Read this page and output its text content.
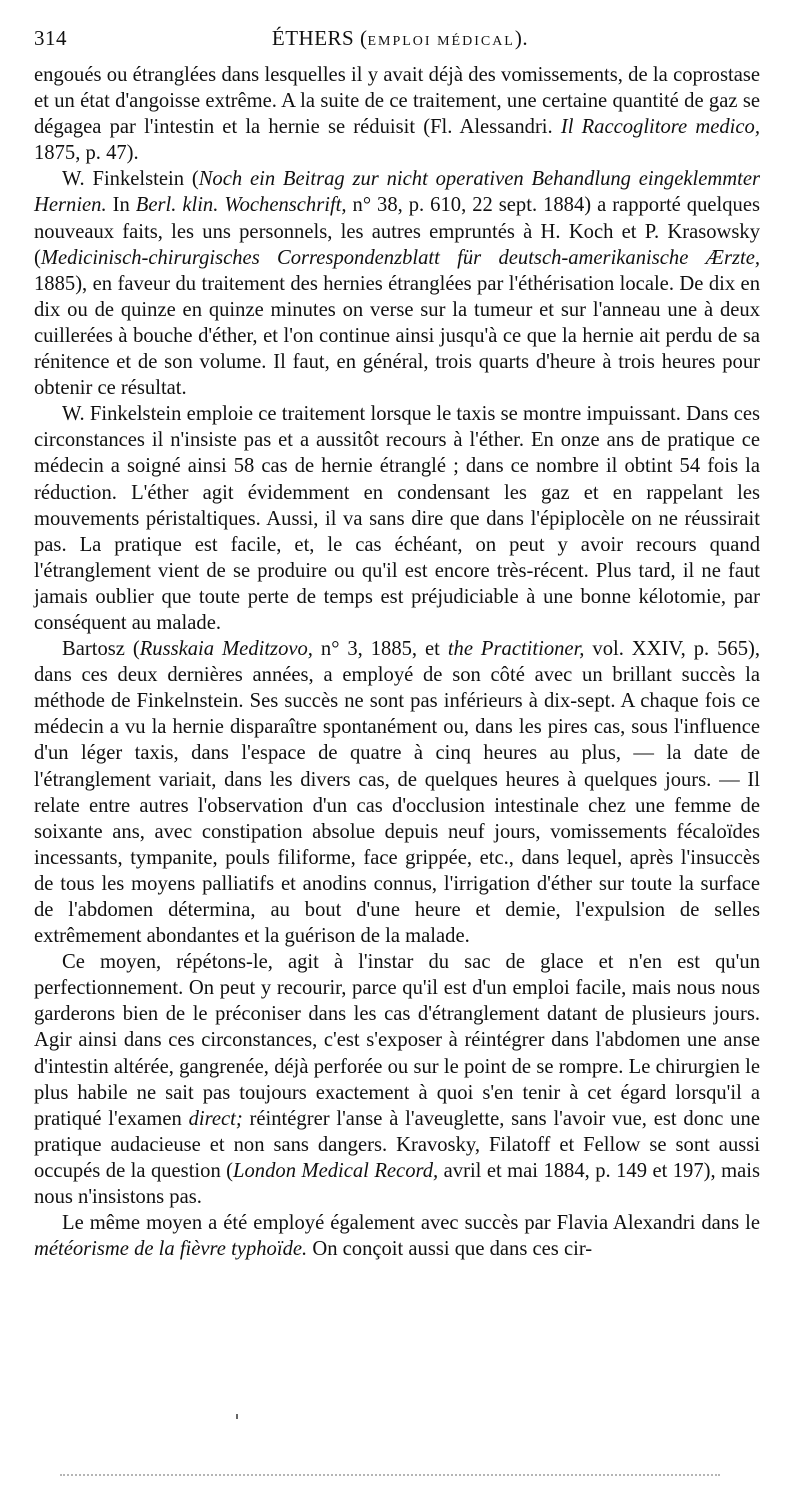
314	ÉTHERS (EMPLOI MÉDICAL).

engoués ou étranglées dans lesquelles il y avait déjà des vomissements, de la coprostase et un état d'angoisse extrême. A la suite de ce traitement, une certaine quantité de gaz se dégagea par l'intestin et la hernie se réduisit (Fl. Alessandri. Il Raccoglitore medico, 1875, p. 47).

W. Finkelstein (Noch ein Beitrag zur nicht operativen Behandlung eingeklemmter Hernien. In Berl. klin. Wochenschrift, n° 38, p. 610, 22 sept. 1884) a rapporté quelques nouveaux faits, les uns personnels, les autres empruntés à H. Koch et P. Krasowsky (Medicinisch-chirurgisches Correspondenzblatt für deutsch-amerikanische Ærzte, 1885), en faveur du traitement des hernies étranglées par l'éthérisation locale. De dix en dix ou de quinze en quinze minutes on verse sur la tumeur et sur l'anneau une à deux cuillerées à bouche d'éther, et l'on continue ainsi jusqu'à ce que la hernie ait perdu de sa rénitence et de son volume. Il faut, en général, trois quarts d'heure à trois heures pour obtenir ce résultat.

W. Finkelstein emploie ce traitement lorsque le taxis se montre impuissant. Dans ces circonstances il n'insiste pas et a aussitôt recours à l'éther. En onze ans de pratique ce médecin a soigné ainsi 58 cas de hernie étranglé ; dans ce nombre il obtint 54 fois la réduction. L'éther agit évidemment en condensant les gaz et en rappelant les mouvements péristaltiques. Aussi, il va sans dire que dans l'épiplocèle on ne réussirait pas. La pratique est facile, et, le cas échéant, on peut y avoir recours quand l'étranglement vient de se produire ou qu'il est encore très-récent. Plus tard, il ne faut jamais oublier que toute perte de temps est préjudiciable à une bonne kélotomie, par conséquent au malade.

Bartosz (Russkaia Meditzovo, n° 3, 1885, et the Practitioner, vol. XXIV, p. 565), dans ces deux dernières années, a employé de son côté avec un brillant succès la méthode de Finkelnstein. Ses succès ne sont pas inférieurs à dix-sept. A chaque fois ce médecin a vu la hernie disparaître spontanément ou, dans les pires cas, sous l'influence d'un léger taxis, dans l'espace de quatre à cinq heures au plus, — la date de l'étranglement variait, dans les divers cas, de quelques heures à quelques jours. — Il relate entre autres l'observation d'un cas d'occlusion intestinale chez une femme de soixante ans, avec constipation absolue depuis neuf jours, vomissements fécaloïdes incessants, tympanite, pouls filiforme, face grippée, etc., dans lequel, après l'insuccès de tous les moyens palliatifs et anodins connus, l'irrigation d'éther sur toute la surface de l'abdomen détermina, au bout d'une heure et demie, l'expulsion de selles extrêmement abondantes et la guérison de la malade.

Ce moyen, répétons-le, agit à l'instar du sac de glace et n'en est qu'un perfectionnement. On peut y recourir, parce qu'il est d'un emploi facile, mais nous nous garderons bien de le préconiser dans les cas d'étranglement datant de plusieurs jours. Agir ainsi dans ces circonstances, c'est s'exposer à réintégrer dans l'abdomen une anse d'intestin altérée, gangrenée, déjà perforée ou sur le point de se rompre. Le chirurgien le plus habile ne sait pas toujours exactement à quoi s'en tenir à cet égard lorsqu'il a pratiqué l'examen direct; réintégrer l'anse à l'aveuglette, sans l'avoir vue, est donc une pratique audacieuse et non sans dangers. Kravosky, Filatoff et Fellow se sont aussi occupés de la question (London Medical Record, avril et mai 1884, p. 149 et 197), mais nous n'insistons pas.

Le même moyen a été employé également avec succès par Flavia Alexandri dans le météorisme de la fièvre typhoïde. On conçoit aussi que dans ces cir-
